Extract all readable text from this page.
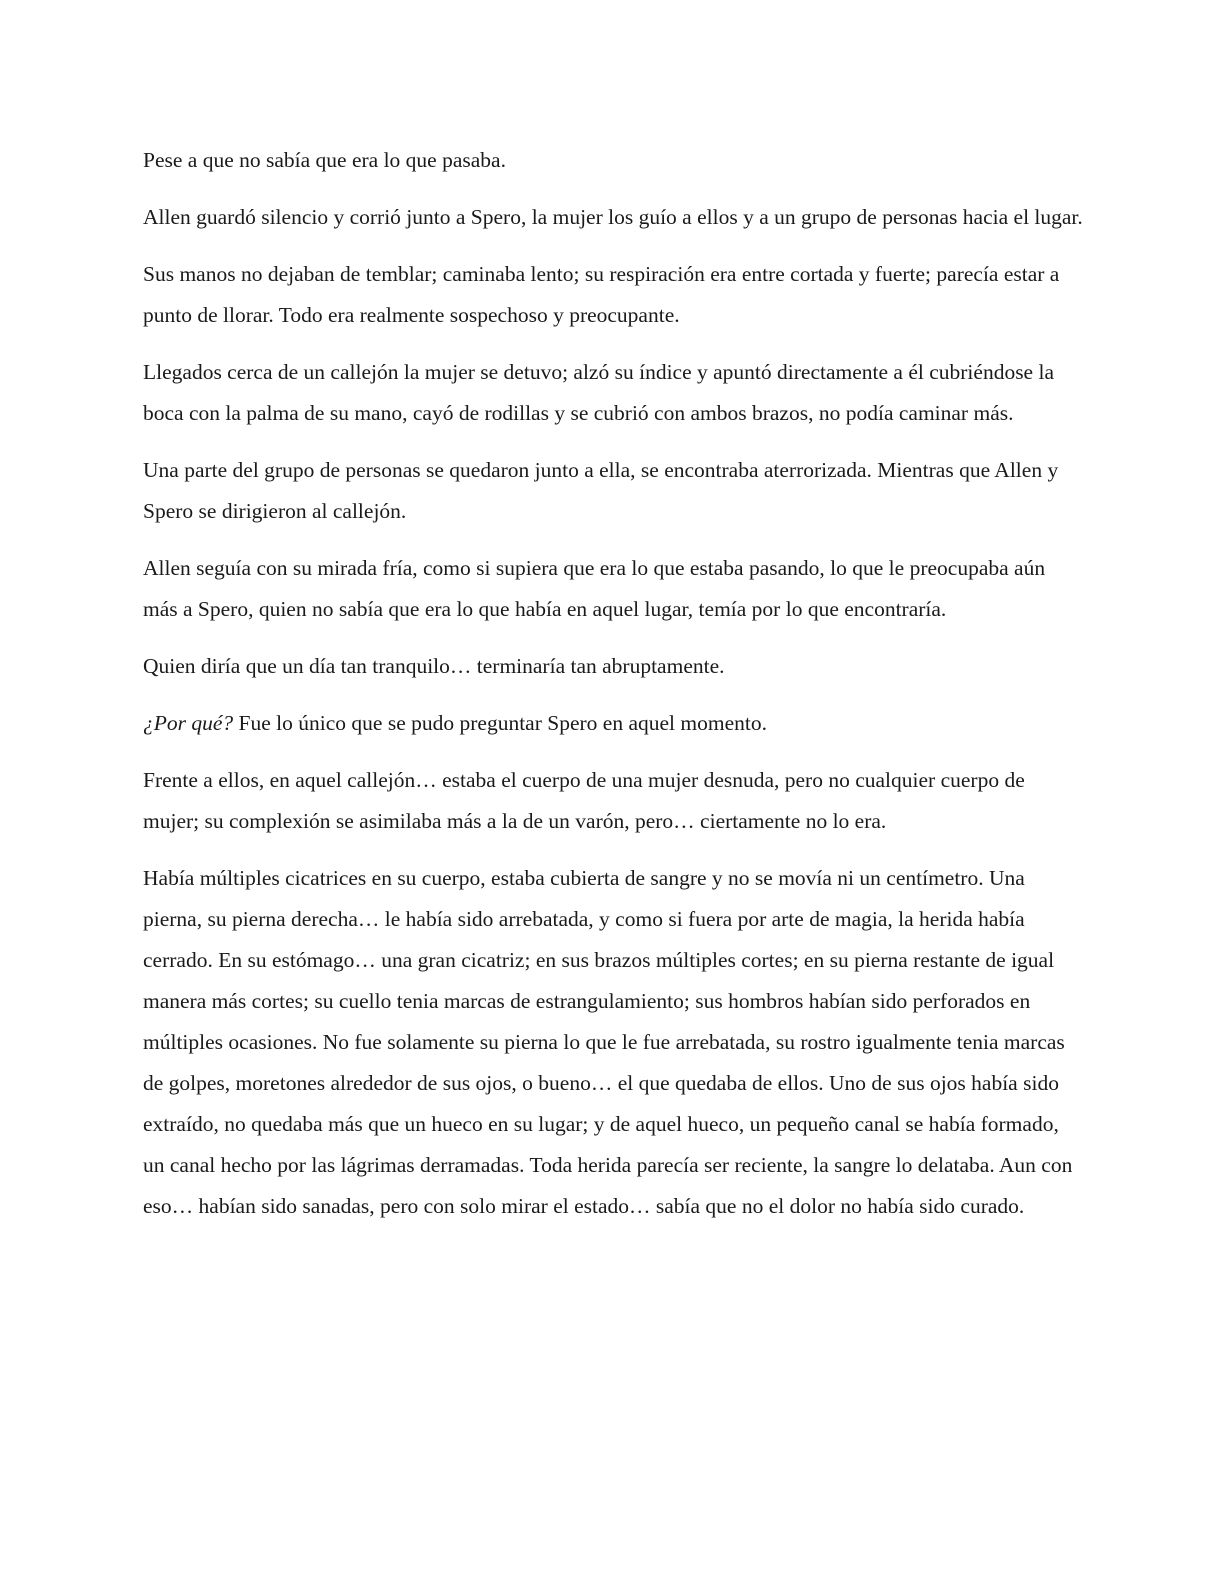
Pese a que no sabía que era lo que pasaba.

Allen guardó silencio y corrió junto a Spero, la mujer los guío a ellos y a un grupo de personas hacia el lugar.

Sus manos no dejaban de temblar; caminaba lento; su respiración era entre cortada y fuerte; parecía estar a punto de llorar. Todo era realmente sospechoso y preocupante.

Llegados cerca de un callejón la mujer se detuvo; alzó su índice y apuntó directamente a él cubriéndose la boca con la palma de su mano, cayó de rodillas y se cubrió con ambos brazos, no podía caminar más.

Una parte del grupo de personas se quedaron junto a ella, se encontraba aterrorizada. Mientras que Allen y Spero se dirigieron al callejón.

Allen seguía con su mirada fría, como si supiera que era lo que estaba pasando, lo que le preocupaba aún más a Spero, quien no sabía que era lo que había en aquel lugar, temía por lo que encontraría.

Quien diría que un día tan tranquilo… terminaría tan abruptamente.

¿Por qué? Fue lo único que se pudo preguntar Spero en aquel momento.

Frente a ellos, en aquel callejón… estaba el cuerpo de una mujer desnuda, pero no cualquier cuerpo de mujer; su complexión se asimilaba más a la de un varón, pero… ciertamente no lo era.

Había múltiples cicatrices en su cuerpo, estaba cubierta de sangre y no se movía ni un centímetro. Una pierna, su pierna derecha… le había sido arrebatada, y como si fuera por arte de magia, la herida había cerrado. En su estómago… una gran cicatriz; en sus brazos múltiples cortes; en su pierna restante de igual manera más cortes; su cuello tenia marcas de estrangulamiento; sus hombros habían sido perforados en múltiples ocasiones. No fue solamente su pierna lo que le fue arrebatada, su rostro igualmente tenia marcas de golpes, moretones alrededor de sus ojos, o bueno… el que quedaba de ellos. Uno de sus ojos había sido extraído, no quedaba más que un hueco en su lugar; y de aquel hueco, un pequeño canal se había formado, un canal hecho por las lágrimas derramadas. Toda herida parecía ser reciente, la sangre lo delataba. Aun con eso… habían sido sanadas, pero con solo mirar el estado… sabía que no el dolor no había sido curado.
